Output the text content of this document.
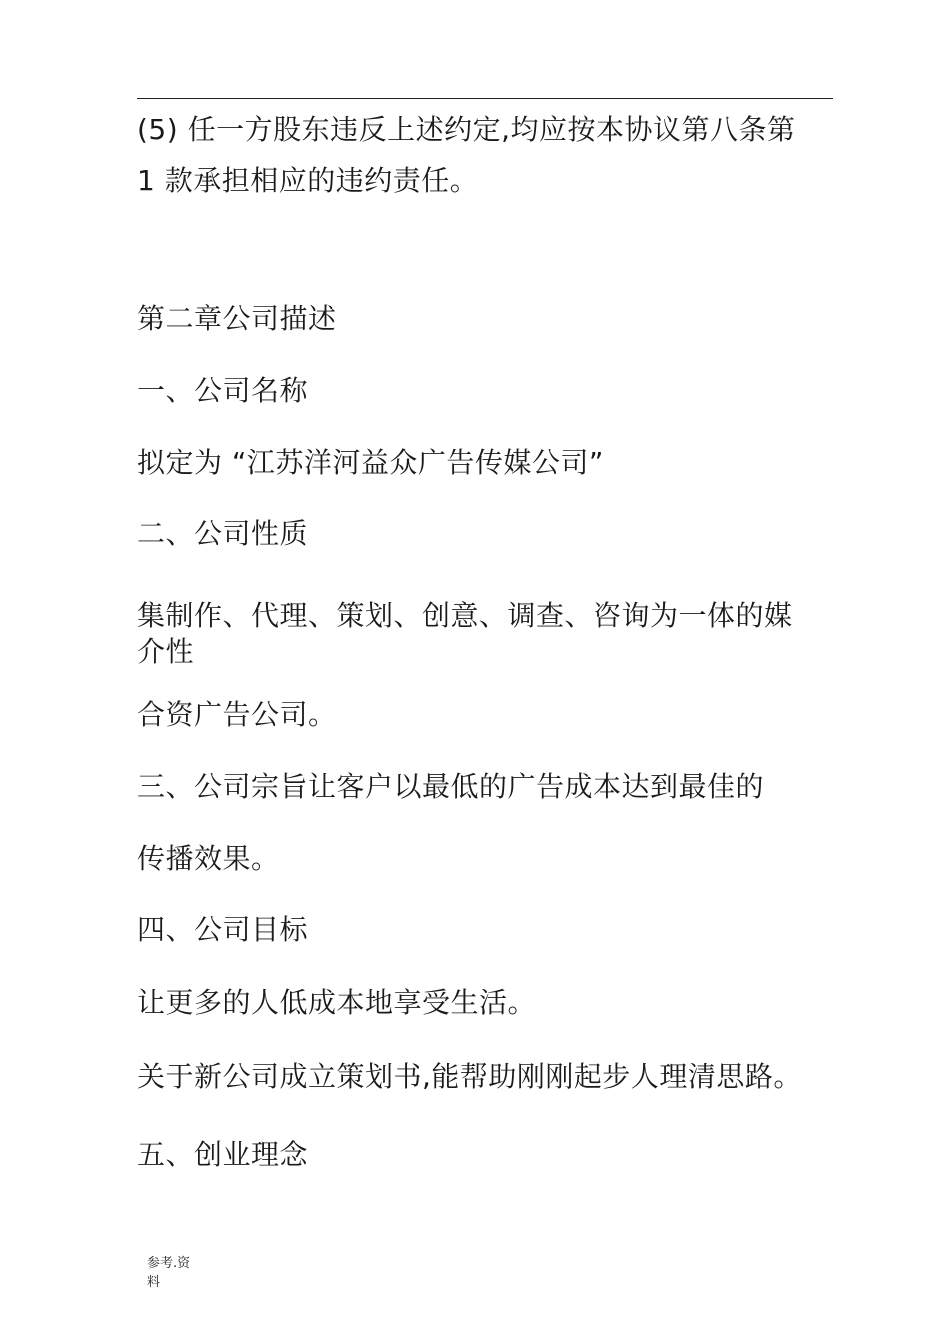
(5) 任一方股东违反上述约定,均应按本协议第八条第
1 款承担相应的违约责任。
第二章公司描述
一、公司名称
拟定为 “江苏洋河益众广告传媒公司”
二、公司性质
集制作、代理、策划、创意、调查、咨询为一体的媒
介性
合资广告公司。
三、公司宗旨让客户以最低的广告成本达到最佳的
传播效果。
四、公司目标
让更多的人低成本地享受生活。
关于新公司成立策划书,能帮助刚刚起步人理清思路。
五、创业理念
参考.资
料
